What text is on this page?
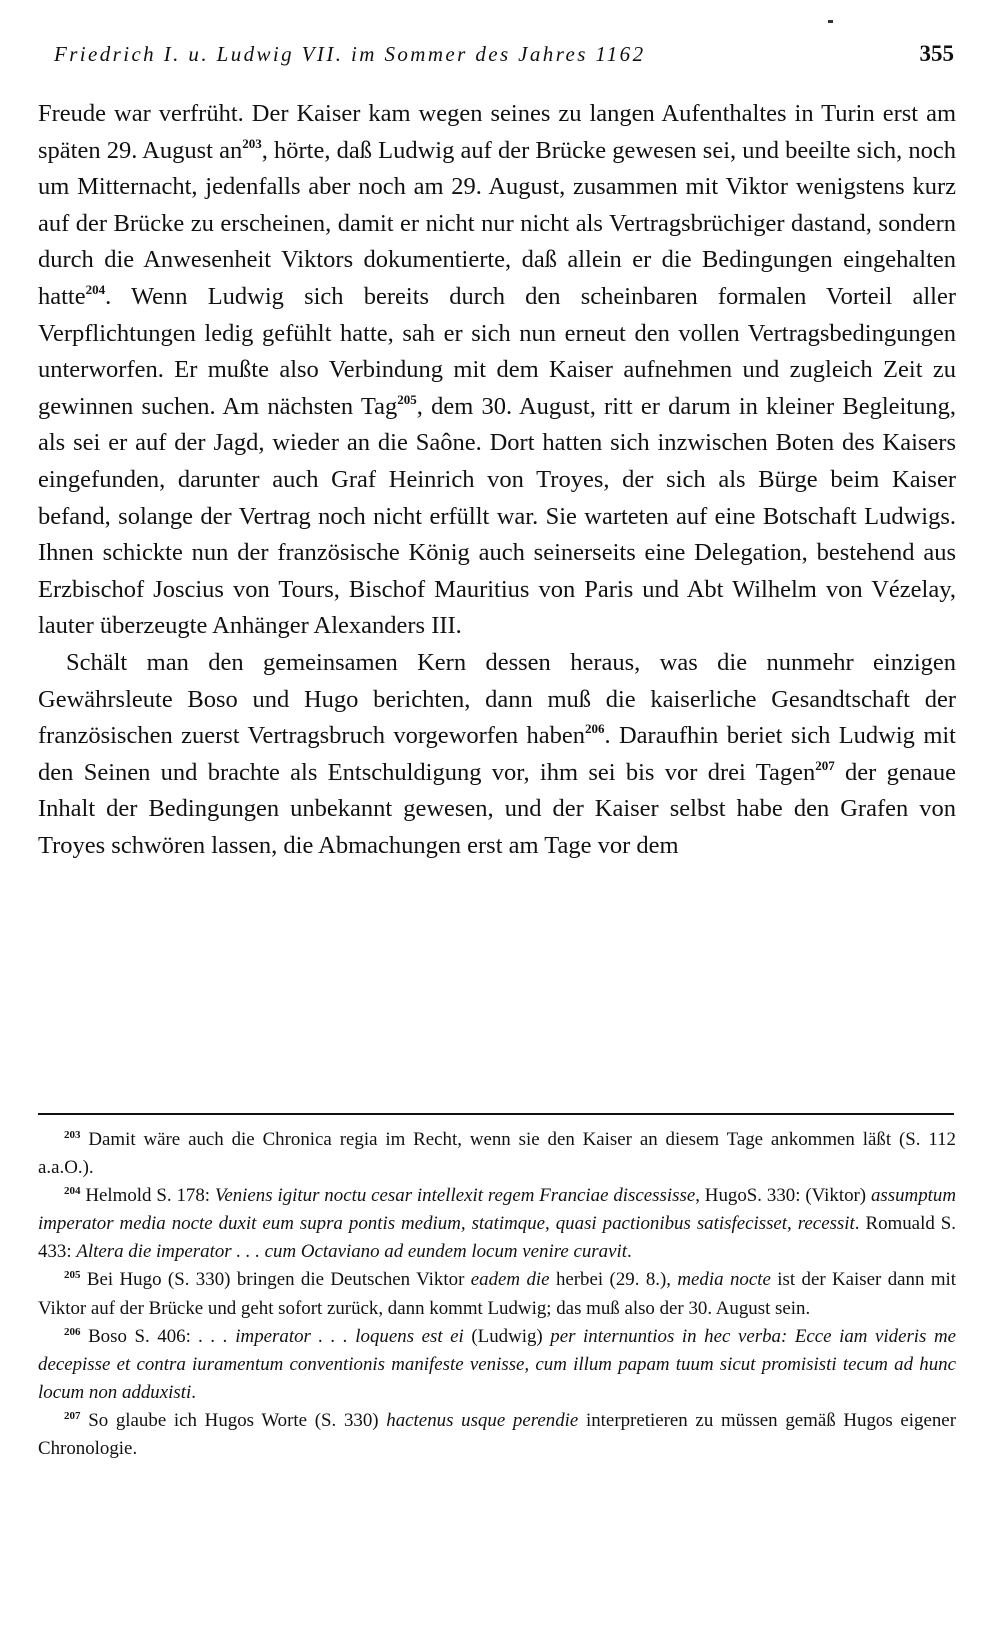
Friedrich I. u. Ludwig VII. im Sommer des Jahres 1162	355

Freude war verfrüht. Der Kaiser kam wegen seines zu langen Aufenthaltes in Turin erst am späten 29. August $an^{203}$, hörte, daß Ludwig auf der Brücke gewesen sei, und beeilte sich, noch um Mitternacht, jedenfalls aber noch am 29. August, zusammen mit Viktor wenigstens kurz auf der Brücke zu erscheinen, damit er nicht nur nicht als Vertragsbrüchiger dastand, sondern durch die Anwesenheit Viktors dokumentierte, daß allein er die Bedingungen eingehalten hatte$^{204}$. Wenn Ludwig sich bereits durch den scheinbaren formalen Vorteil aller Verpflichtungen ledig gefühlt hatte, sah er sich nun erneut den vollen Vertragsbedingungen unterworfen. Er mußte also Verbindung mit dem Kaiser aufnehmen und zugleich Zeit zu gewinnen suchen. Am nächsten Tag$^{205}$, dem 30. August, ritt er darum in kleiner Begleitung, als sei er auf der Jagd, wieder an die Saône. Dort hatten sich inzwischen Boten des Kaisers eingefunden, darunter auch Graf Heinrich von Troyes, der sich als Bürge beim Kaiser befand, solange der Vertrag noch nicht erfüllt war. Sie warteten auf eine Botschaft Ludwigs. Ihnen schickte nun der französische König auch seinerseits eine Delegation, bestehend aus Erzbischof Joscius von Tours, Bischof Mauritius von Paris und Abt Wilhelm von Vézelay, lauter überzeugte Anhänger Alexanders III.

Schält man den gemeinsamen Kern dessen heraus, was die nunmehr einzigen Gewährsleute Boso und Hugo berichten, dann muß die kaiserliche Gesandtschaft der französischen zuerst Vertragsbruch vorgeworfen haben$^{206}$. Daraufhin beriet sich Ludwig mit den Seinen und brachte als Entschuldigung vor, ihm sei bis vor drei Tagen$^{207}$ der genaue Inhalt der Bedingungen unbekannt gewesen, und der Kaiser selbst habe den Grafen von Troyes schwören lassen, die Abmachungen erst am Tage vor dem

$^{203}$ Damit wäre auch die Chronica regia im Recht, wenn sie den Kaiser an diesem Tage ankommen läßt (S. 112 a.a.O.).

$^{204}$ Helmold S. 178: Veniens igitur noctu cesar intellexit regem Franciae discessisse, HugoS. 330: (Viktor) assumptum imperator media nocte duxit eum supra pontis medium, statimque, quasi pactionibus satisfecisset, recessit. Romuald S. 433: Altera die imperator . . . cum Octaviano ad eundem locum venire curavit.

$^{205}$ Bei Hugo (S. 330) bringen die Deutschen Viktor eadem die herbei (29. 8.), media nocte ist der Kaiser dann mit Viktor auf der Brücke und geht sofort zurück, dann kommt Ludwig; das muß also der 30. August sein.

$^{206}$ Boso S. 406: . . . imperator . . . loquens est ei (Ludwig) per internuntios in hec verba: Ecce iam videris me decepisse et contra iuramentum conventionis manifeste venisse, cum illum papam tuum sicut promisisti tecum ad hunc locum non adduxisti.

$^{207}$ So glaube ich Hugos Worte (S. 330) hactenus usque perendie interpretieren zu müssen gemäß Hugos eigener Chronologie.
